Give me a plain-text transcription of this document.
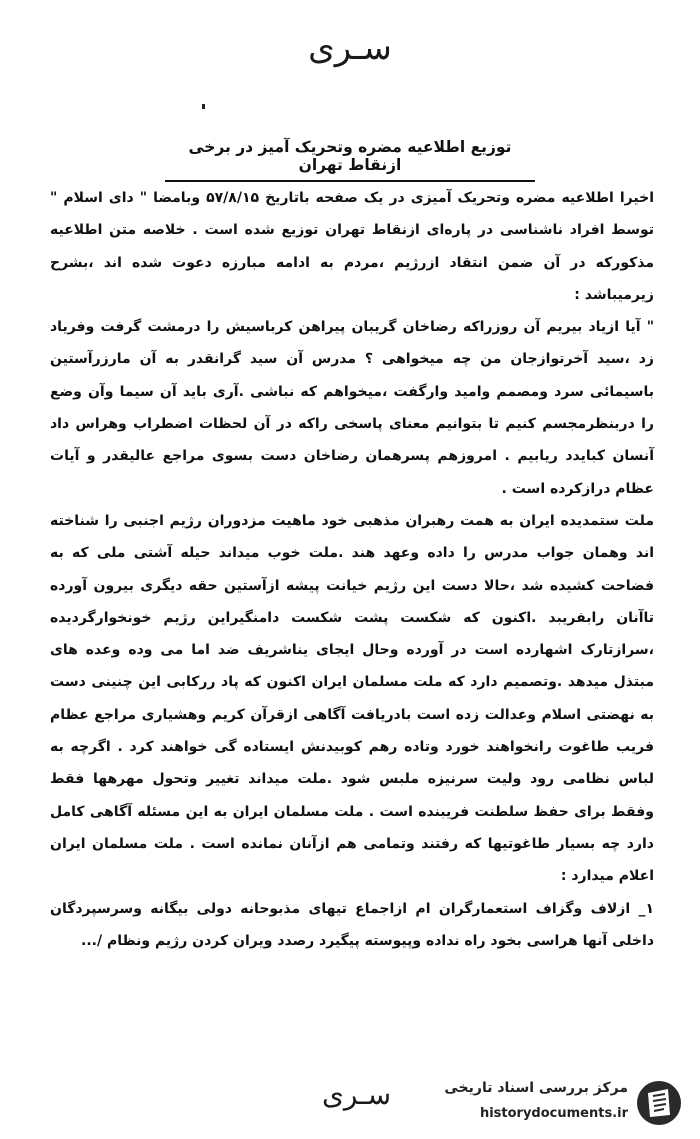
سـری
توزیع اطلاعیه مضره وتحریک آمیز در برخی ازنقاط تهران

اخیرا اطلاعیه مضره وتحریک آمیزی در یک صفحه باتاریخ ۵۷/۸/۱۵ وبامضا " دای اسلام " توسط افراد ناشناسی در پاره‌ای ازنقاط تهران توزیع شده است . خلاصه متن اطلاعیه مذکورکه در آن ضمن انتقاد ازرژیم ،مردم به ادامه مبارزه دعوت شده اند ،بشرح زیرمیباشد :

" آیا ازیاد بیریم آن روزراکه رضاخان گریبان پیراهن کرباسیش را درمشت گرفت وفریاد زد ،سید آخرتوازجان من چه میخواهی ؟ مدرس آن سید گرانقدر به آن مارزرآستین باسیمائی سرد ومصمم وامید وارگفت ،میخواهم که نباشی .آری باید آن سیما وآن وضع را دربنظرمجسم کنیم تا بتوانیم معنای پاسخی راکه در آن لحظات اضطراب وهراس داد آنسان کبایدد ریابیم . امروزهم پسرهمان رضاخان دست بسوی مراجع عالیقدر و آیات عظام درازکرده است .

ملت ستمدیده ایران به همت رهبران مذهبی خود ماهیت مزدوران رژیم اجنبی را شناخته اند وهمان جواب مدرس را داده وعهد هند .ملت خوب میداند حیله آشتی ملی که به فضاحت کشیده شد ،حالا دست این رژیم خیانت پیشه ازآستین حقه دیگری بیرون آورده تاآنان رابفریبد .اکنون که شکست پشت شکست دامنگیراین رژیم خونخوارگردیده ،سرازتارک اشهارده است در آورده وحال ایجای یناشریف ضد اما می وده وعده های مبتذل میدهد .وتصمیم دارد که ملت مسلمان ایران اکنون که پاد ررکابی این چنینی دست به نهضتی اسلام وعدالت زده است بادریافت آگاهی ازقرآن کریم وهشیاری مراجع عظام فریب طاغوت رانخواهند خورد وتاده رهم کوبیدنش ایستاده گی خواهند کرد . اگرچه به لباس نظامی رود ولیت سرنیزه ملبس شود .ملت میداند تغییر وتحول مهرهها فقط وفقط برای حفظ سلطنت فریبنده است . ملت مسلمان ایران به این مسئله آگاهی کامل دارد چه بسیار طاغوتیها که رفتند وتمامی هم ازآنان نمانده است . ملت مسلمان ایران اعلام میدارد :

۱_ ازلاف وگزاف استعمارگران ام ازاجماع تیهای مذبوحانه دولی بیگانه وسرسپردگان داخلی آنها هراسی بخود راه نداده وپیوسته پیگیرد رصدد ویران کردن رژیم ونظام /...

سـری	مرکز بررسی اسناد تاریخی
historydocuments.ir
